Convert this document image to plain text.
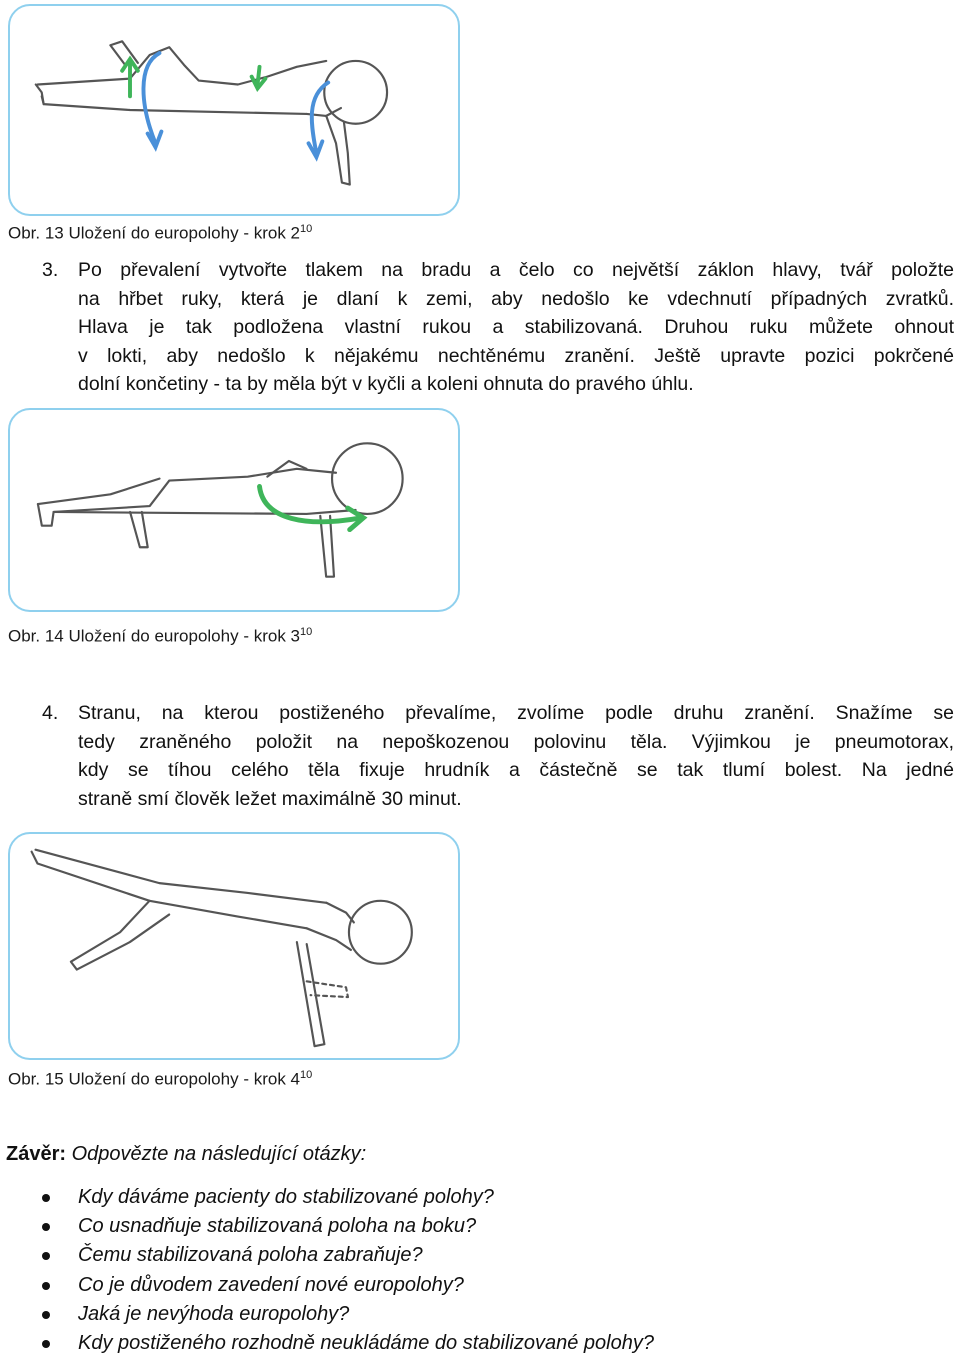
Obr. 13 Uložení do europolohy - krok $2^{10}$
3. Po převalení vytvořte tlakem na bradu a čelo co největší záklon hlavy, tvář položte
na hřbet ruky, která je dlaní k zemi, aby nedošlo ke vdechnutí případných zvratků.
Hlava je tak podložena vlastní rukou a stabilizovaná. Druhou ruku můžete ohnout
v lokti, aby nedošlo k nějakému nechtěnému zranění. Ještě upravte pozici pokrčené
dolní končetiny - ta by měla být v kyčli a koleni ohnuta do pravého úhlu.
Obr. 14 Uložení do europolohy - krok $3^{10}$
4. Stranu, na kterou postiženého převalíme, zvolíme podle druhu zranění. Snažíme se
tedy zraněného položit na nepoškozenou polovinu těla. Výjimkou je pneumotorax,
kdy se tíhou celého těla fixuje hrudník a částečně se tak tlumí bolest. Na jedné
straně smí člověk ležet maximálně 30 minut.
Obr. 15 Uložení do europolohy - krok $4^{10}$
Závěr: Odpovězte na následující otázky:
Kdy dáváme pacienty do stabilizované polohy?
Co usnadňuje stabilizovaná poloha na boku?
Čemu stabilizovaná poloha zabraňuje?
Co je důvodem zavedení nové europolohy?
Jaká je nevýhoda europolohy?
Kdy postiženého rozhodně neukládáme do stabilizované polohy?
